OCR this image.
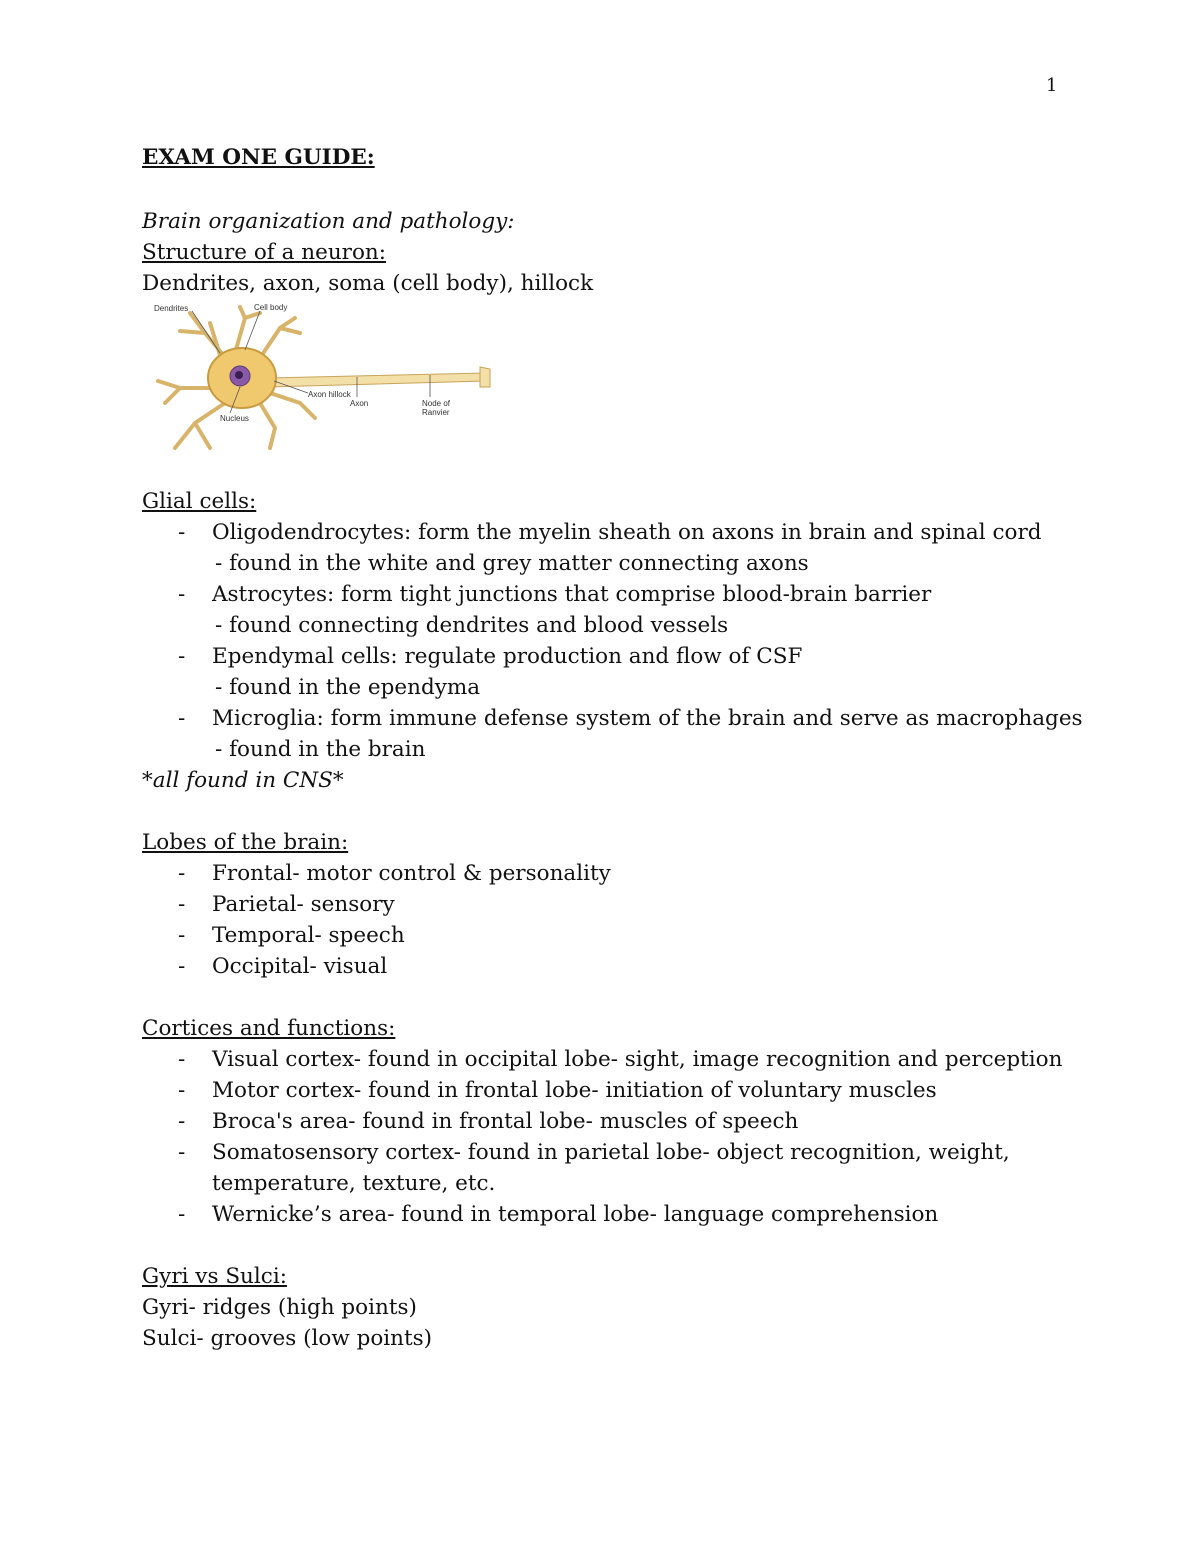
1
EXAM ONE GUIDE:
Brain organization and pathology:
Structure of a neuron:
Dendrites, axon, soma (cell body), hillock
Dendrites	Cell body
Axon hillock
Nucleus
Axon	Node of
Ranvier
Glial cells:
- Oligodendrocytes: form the myelin sheath on axons in brain and spinal cord
- found in the white and grey matter connecting axons
- Astrocytes: form tight junctions that comprise blood-brain barrier
- found connecting dendrites and blood vessels
- Ependymal cells: regulate production and flow of CSF
- found in the ependyma
- Microglia: form immune defense system of the brain and serve as macrophages
- found in the brain
*all found in CNS*
Lobes of the brain:
- Frontal- motor control & personality
- Parietal- sensory
- Temporal- speech
- Occipital- visual
Cortices and functions:
- Visual cortex- found in occipital lobe- sight, image recognition and perception
- Motor cortex- found in frontal lobe- initiation of voluntary muscles
- Broca's area- found in frontal lobe- muscles of speech
- Somatosensory cortex- found in parietal lobe- object recognition, weight,
temperature, texture, etc.
- Wernicke’s area- found in temporal lobe- language comprehension
Gyri vs Sulci:
Gyri- ridges (high points)
Sulci- grooves (low points)
